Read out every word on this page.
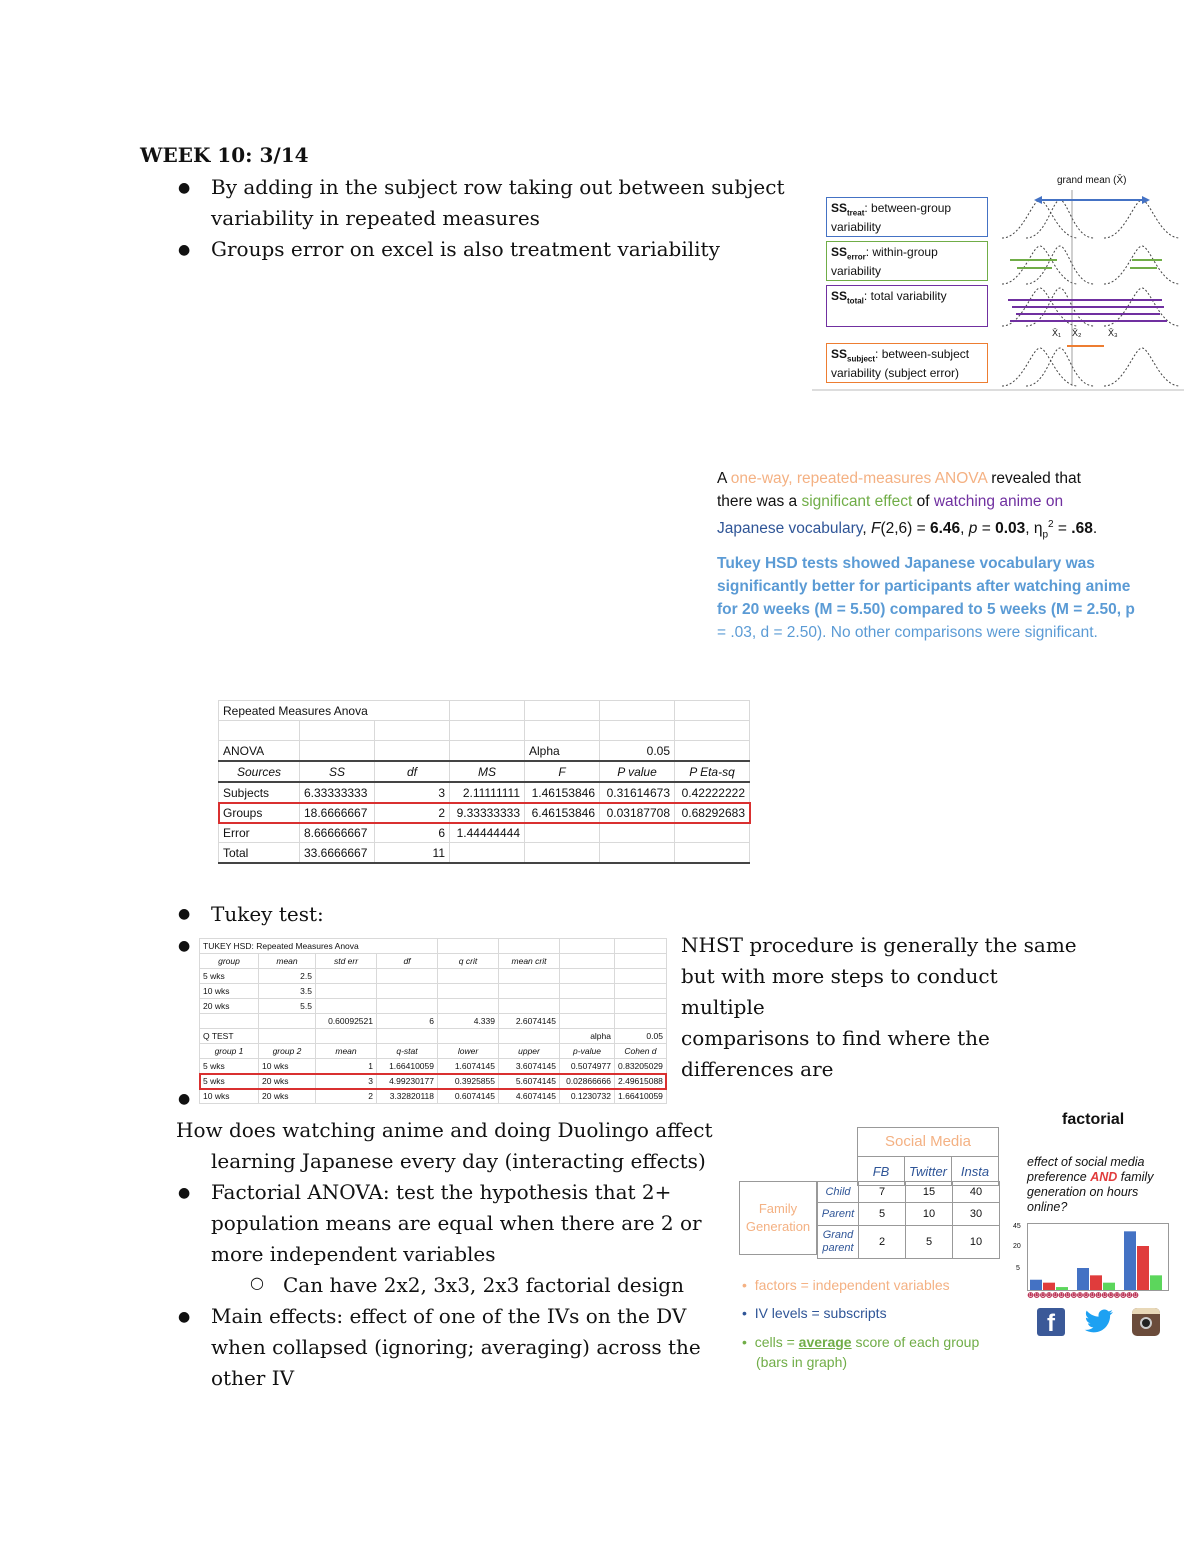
WEEK 10: 3/14
● By adding in the subject row taking out between subject
variability in repeated measures
● Groups error on excel is also treatment variability
grand mean (X̄)
$SS_{treat}$: between-group
variability
$SS_{error}$: within-group
variability
$SS_{total}$: total variability
$SS_{subject}$: between-subject
variability (subject error)
X̄₁ X̄₂	X̄₃
A one-way, repeated-measures ANOVA revealed that
there was a significant effect of watching anime on
Japanese vocabulary, F(2,6) = 6.46, p = 0.03, $\eta_p^2 = .68$.
Tukey HSD tests showed Japanese vocabulary was
significantly better for participants after watching anime
for 20 weeks (M = 5.50) compared to 5 weeks (M = 2.50, p
= .03, d = 2.50). No other comparisons were significant.
Repeated Measures Anova						

ANOVA				Alpha	0.05	
Sources	SS	df	MS	F	P value	P Eta-sq
Subjects	6.33333333	3	2.11111111	1.46153846	0.31614673	0.42222222
Groups	18.6666667	2	9.33333333	6.46153846	0.03187708	0.68292683
Error	8.66666667	6	1.44444444			
Total	33.6666667	11				
● Tukey test:
●
●
TUKEY HSD: Repeated Measures Anova							
group	mean	std err	df	q crit	mean crit		
5 wks	2.5						
10 wks	3.5						
20 wks	5.5						
		0.60092521	6	4.339	2.6074145		
Q TEST						alpha	0.05
group 1	group 2	mean	q-stat	lower	upper	p-value	Cohen d
5 wks	10 wks	1	1.66410059	1.6074145	3.6074145	0.5074977	0.83205029
5 wks	20 wks	3	4.99230177	0.3925855	5.6074145	0.02866666	2.49615088
10 wks	20 wks	2	3.32820118	0.6074145	4.6074145	0.1230732	1.66410059
NHST procedure is generally the same
but with more steps to conduct multiple
comparisons to find where the
differences are
How does watching anime and doing Duolingo affect
learning Japanese every day (interacting effects)
● Factorial ANOVA: test the hypothesis that 2+
population means are equal when there are 2 or
more independent variables
○ Can have 2x2, 3x3, 2x3 factorial design
● Main effects: effect of one of the IVs on the DV
when collapsed (ignoring; averaging) across the
other IV
factorial
Social Media
FB	Twitter	Insta
Family
Generation
Child	7	15	40
Parent	5	10	30
Grand parent	2	5	10
effect of social media
preference AND family
generation on hours
online?
45
20
5
☻☻☻☻☻☻☻☻☻☻☻☻☻☻☻☻☻☻
f
•  factors = independent variables
•  IV levels = subscripts
•  cells = average score of each group
(bars in graph)
